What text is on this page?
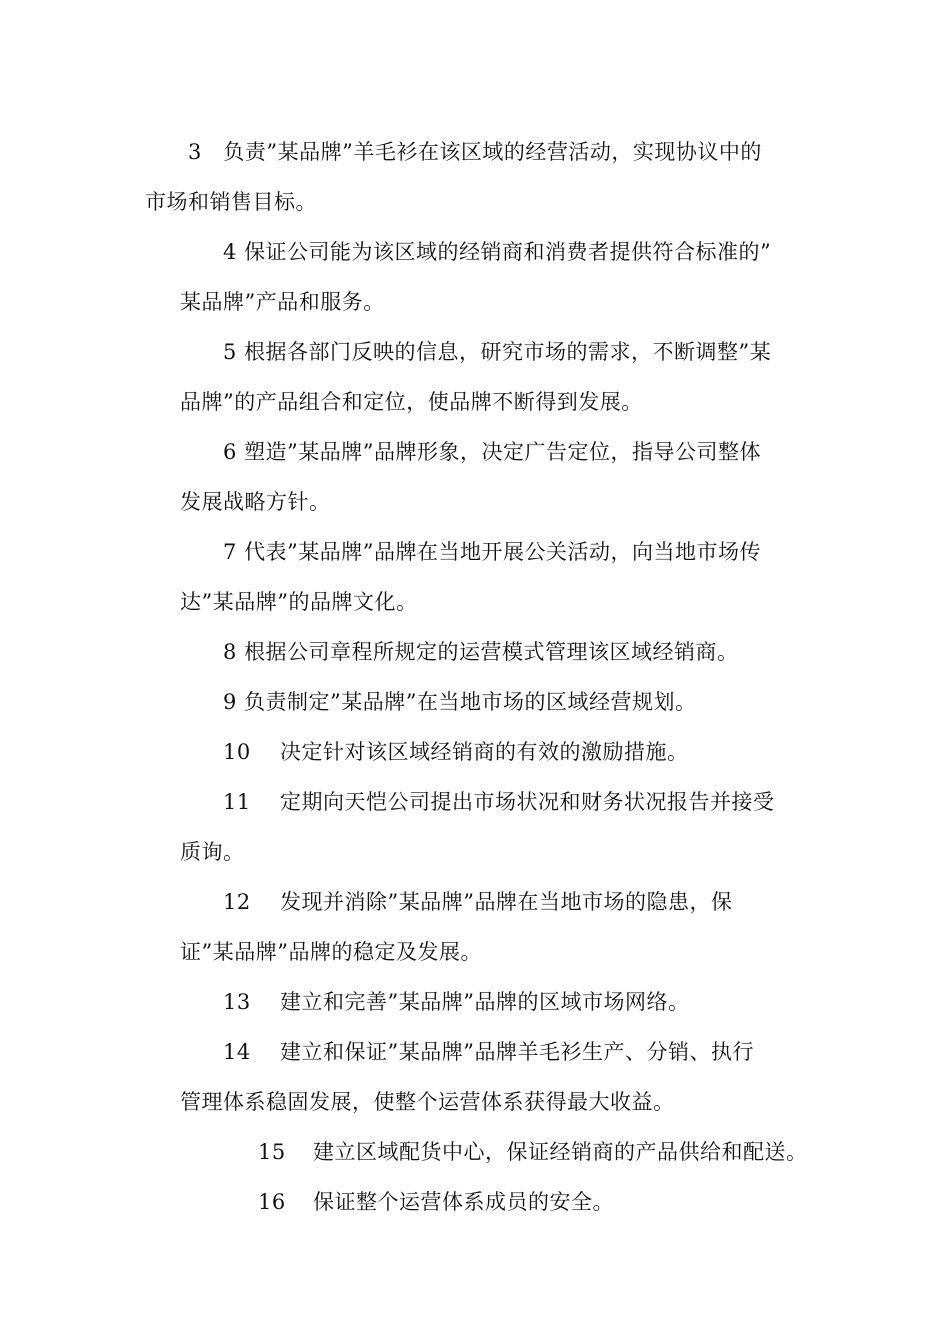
3 负责”某品牌”羊毛衫在该区域的经营活动，实现协议中的
市场和销售目标。
4 保证公司能为该区域的经销商和消费者提供符合标准的”
某品牌”产品和服务。
5 根据各部门反映的信息，研究市场的需求，不断调整”某
品牌”的产品组合和定位，使品牌不断得到发展。
6 塑造”某品牌”品牌形象，决定广告定位，指导公司整体
发展战略方针。
7 代表”某品牌”品牌在当地开展公关活动，向当地市场传
达”某品牌”的品牌文化。
8 根据公司章程所规定的运营模式管理该区域经销商。
9 负责制定”某品牌”在当地市场的区域经营规划。
10 决定针对该区域经销商的有效的激励措施。
11 定期向天恺公司提出市场状况和财务状况报告并接受
质询。
12 发现并消除”某品牌”品牌在当地市场的隐患，保
证”某品牌”品牌的稳定及发展。
13 建立和完善”某品牌”品牌的区域市场网络。
14 建立和保证”某品牌”品牌羊毛衫生产、分销、执行
管理体系稳固发展，使整个运营体系获得最大收益。
15 建立区域配货中心，保证经销商的产品供给和配送。
16 保证整个运营体系成员的安全。
